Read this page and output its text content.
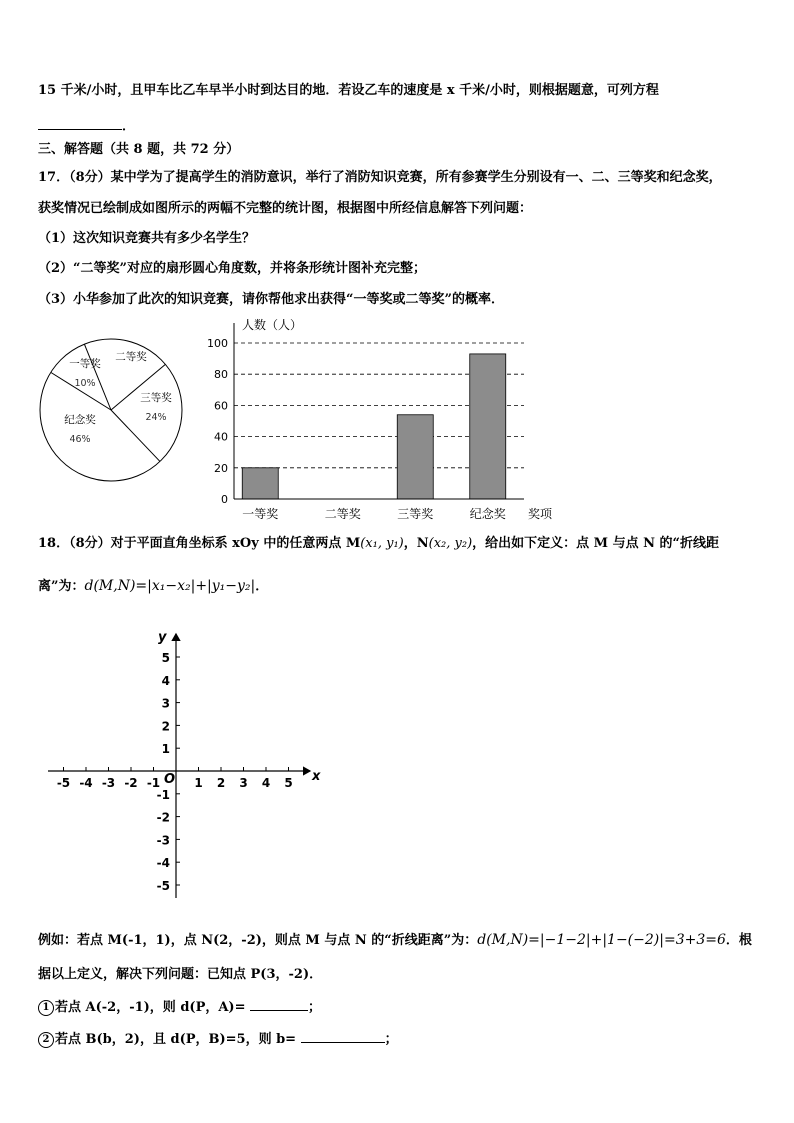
15 千米/小时，且甲车比乙车早半小时到达目的地．若设乙车的速度是 x 千米/小时，则根据题意，可列方程
．
三、解答题（共 8 题，共 72 分）
17．（8分）某中学为了提高学生的消防意识，举行了消防知识竞赛，所有参赛学生分别设有一、二、三等奖和纪念奖，
获奖情况已绘制成如图所示的两幅不完整的统计图，根据图中所经信息解答下列问题：
（1）这次知识竞赛共有多少名学生？
（2）“二等奖”对应的扇形圆心角度数，并将条形统计图补充完整；
（3）小华参加了此次的知识竞赛，请你帮他求出获得“一等奖或二等奖”的概率．
一等奖
10%
二等奖
三等奖
24%
纪念奖
46%
0
20
40
60
80
100
一等奖	二等奖	三等奖	纪念奖
人数（人）
奖项
18．（8分）对于平面直角坐标系 xOy 中的任意两点 M(x₁, y₁)，N(x₂, y₂)，给出如下定义：点 M 与点 N 的“折线距
离”为：d(M,N)=|x₁−x₂|+|y₁−y₂|．
-5 -4 -3 -2 -1	1 2 3 4 5
5
4
3
2
1
-1
-2
-3
-4
-5
x
y
O
例如：若点 M(-1，1)，点 N(2，-2)，则点 M 与点 N 的“折线距离”为：d(M,N)=|−1−2|+|1−(−2)|=3+3=6．根
据以上定义，解决下列问题：已知点 P(3，-2)．
1 若点 A(-2，-1)，则 d(P，A)=	；
2 若点 B(b，2)，且 d(P，B)=5，则 b=	；
